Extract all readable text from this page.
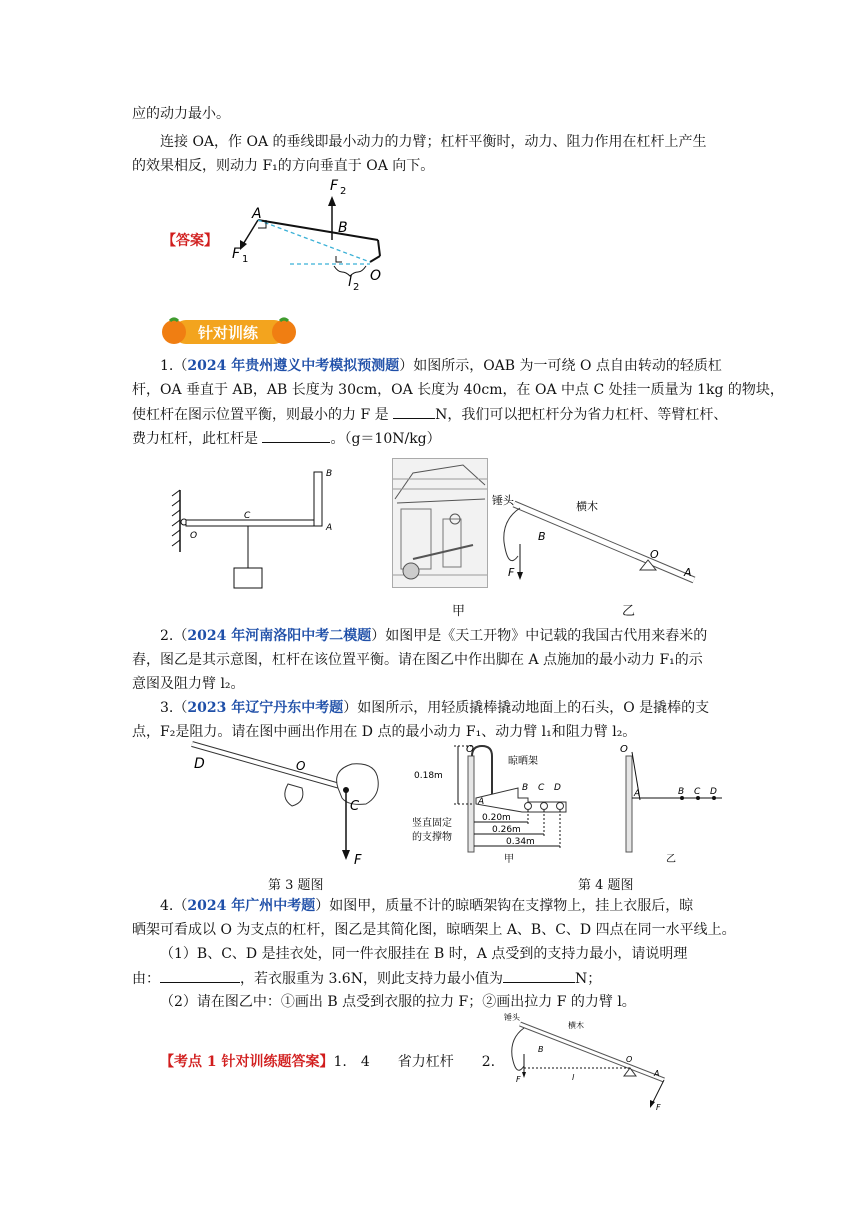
应的动力最小。
连接 OA，作 OA 的垂线即最小动力的力臂；杠杆平衡时，动力、阻力作用在杠杆上产生
的效果相反，则动力 F₁的方向垂直于 OA 向下。
【答案】
F 2
A
B
F 1
l 2
O
针对训练
1.（2024 年贵州遵义中考模拟预测题）如图所示，OAB 为一可绕 O 点自由转动的轻质杠
杆，OA 垂直于 AB，AB 长度为 30cm，OA 长度为 40cm，在 OA 中点 C 处挂一质量为 1kg 的物块，
使杠杆在图示位置平衡，则最小的力 F 是	N，我们可以把杠杆分为省力杠杆、等臂杠杆、
费力杠杆，此杠杆是	。（g＝10N/kg）
B
C
O
A
锤头	横木
B
O
A
F
甲	乙
2.（2024 年河南洛阳中考二模题）如图甲是《天工开物》中记载的我国古代用来舂米的
舂，图乙是其示意图，杠杆在该位置平衡。请在图乙中作出脚在 A 点施加的最小动力 F₁的示
意图及阻力臂 l₂。
3.（2023 年辽宁丹东中考题）如图所示，用轻质撬棒撬动地面上的石头，O 是撬棒的支
点，F₂是阻力。请在图中画出作用在 D 点的最小动力 F₁、动力臂 l₁和阻力臂 l₂。
D	O
C
F
第 3 题图
O
晾晒架
B C D
A
0.18m
0.20m
0.26m
0.34m
竖直固定
的支撑物
甲
O
A	B C D
乙
第 4 题图
4.（2024 年广州中考题）如图甲，质量不计的晾晒架钩在支撑物上，挂上衣服后，晾
晒架可看成以 O 为支点的杠杆，图乙是其简化图，晾晒架上 A、B、C、D 四点在同一水平线上。
（1）B、C、D 是挂衣处，同一件衣服挂在 B 时，A 点受到的支持力最小，请说明理
由：	，若衣服重为 3.6N，则此支持力最小值为	N；
（2）请在图乙中：①画出 B 点受到衣服的拉力 F；②画出拉力 F 的力臂 l。
【考点 1 针对训练题答案】1.　4　　省力杠杆　　2.
锤头
横木
B
O
A
F	l
F
